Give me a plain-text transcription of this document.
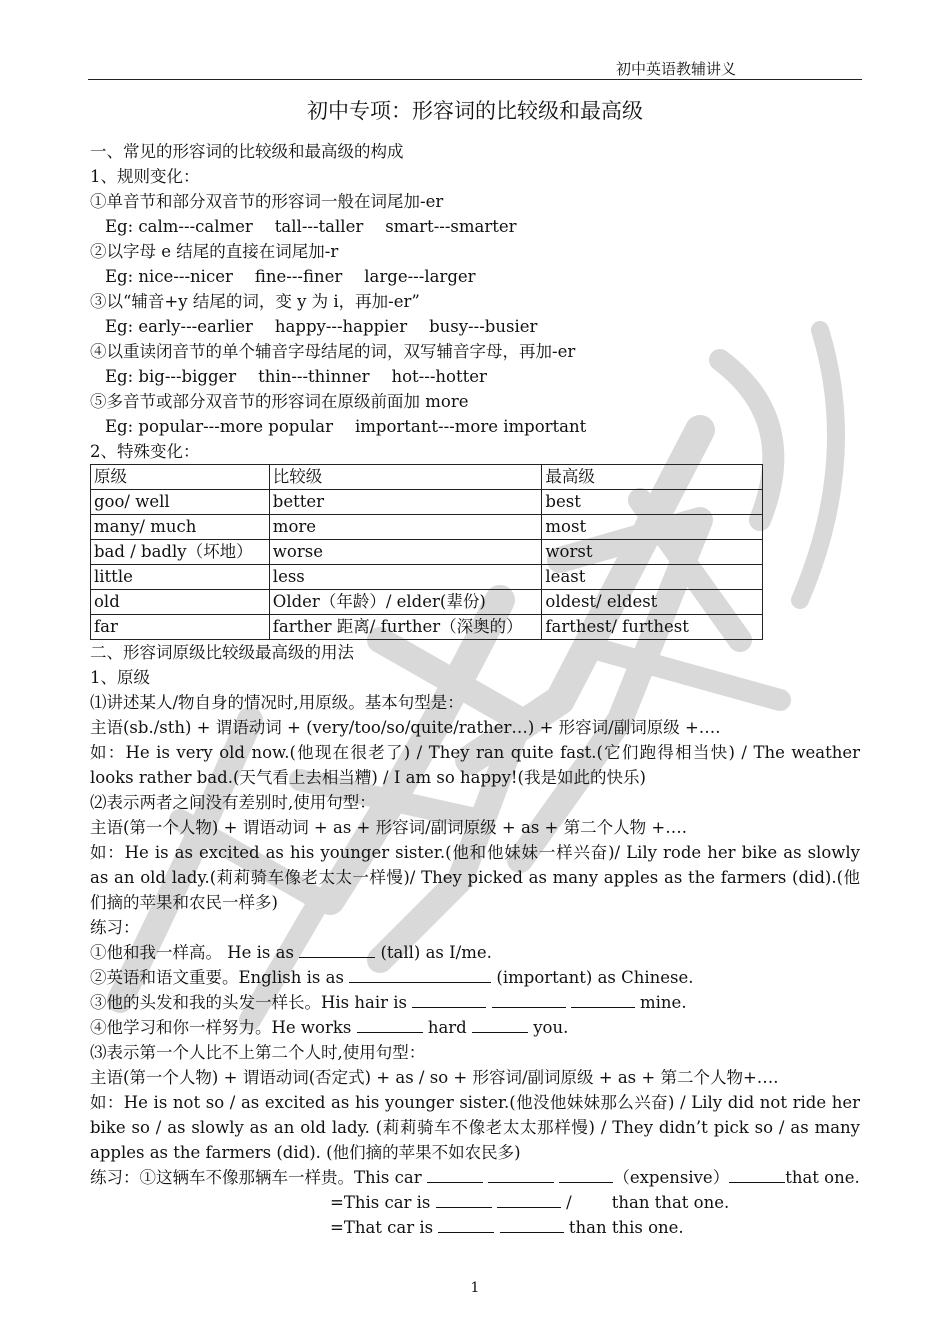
初中英语教辅讲义
初中专项：形容词的比较级和最高级
一、常见的形容词的比较级和最高级的构成
1、规则变化：
①单音节和部分双音节的形容词一般在词尾加-er
Eg: calm---calmer tall---taller smart---smarter
②以字母 e 结尾的直接在词尾加-r
Eg: nice---nicer fine---finer large---larger
③以“辅音+y 结尾的词，变 y 为 i，再加-er”
Eg: early---earlier happy---happier busy---busier
④以重读闭音节的单个辅音字母结尾的词，双写辅音字母，再加-er
Eg: big---bigger thin---thinner hot---hotter
⑤多音节或部分双音节的形容词在原级前面加 more
Eg: popular---more popular important---more important
2、特殊变化：
原级	比较级	最高级
goo/ well	better	best
many/ much	more	most
bad / badly（坏地）	worse	worst
little	less	least
old	Older（年龄）/ elder(辈份)	oldest/ eldest
far	farther 距离/ further（深奥的）	farthest/ furthest
二、形容词原级比较级最高级的用法
1、原级
⑴讲述某人/物自身的情况时,用原级。基本句型是：
主语(sb./sth) + 谓语动词 + (very/too/so/quite/rather…) + 形容词/副词原级 +….
如：He is very old now.(他现在很老了) / They ran quite fast.(它们跑得相当快) / The weather looks rather bad.(天气看上去相当糟) / I am so happy!(我是如此的快乐)
⑵表示两者之间没有差别时,使用句型：
主语(第一个人物) + 谓语动词 + as + 形容词/副词原级 + as + 第二个人物 +….
如：He is as excited as his younger sister.(他和他妹妹一样兴奋)/ Lily rode her bike as slowly as an old lady.(莉莉骑车像老太太一样慢)/ They picked as many apples as the farmers (did).(他们摘的苹果和农民一样多)
练习：
①他和我一样高。 He is as	(tall) as I/me.
②英语和语文重要。English is as	(important) as Chinese.
③他的头发和我的头发一样长。His hair is	mine.
④他学习和你一样努力。He works	hard	you.
⑶表示第一个人比不上第二个人时,使用句型：
主语(第一个人物) + 谓语动词(否定式) + as / so + 形容词/副词原级 + as + 第二个人物+….
如：He is not so / as excited as his younger sister.(他没他妹妹那么兴奋) / Lily did not ride her bike so / as slowly as an old lady. (莉莉骑车不像老太太那样慢) / They didn’t pick so / as many apples as the farmers (did). (他们摘的苹果不如农民多)
练习：①这辆车不像那辆车一样贵。This car	（expensive）	that one.
=This car is	/ than that one.
=That car is	than this one.
1
